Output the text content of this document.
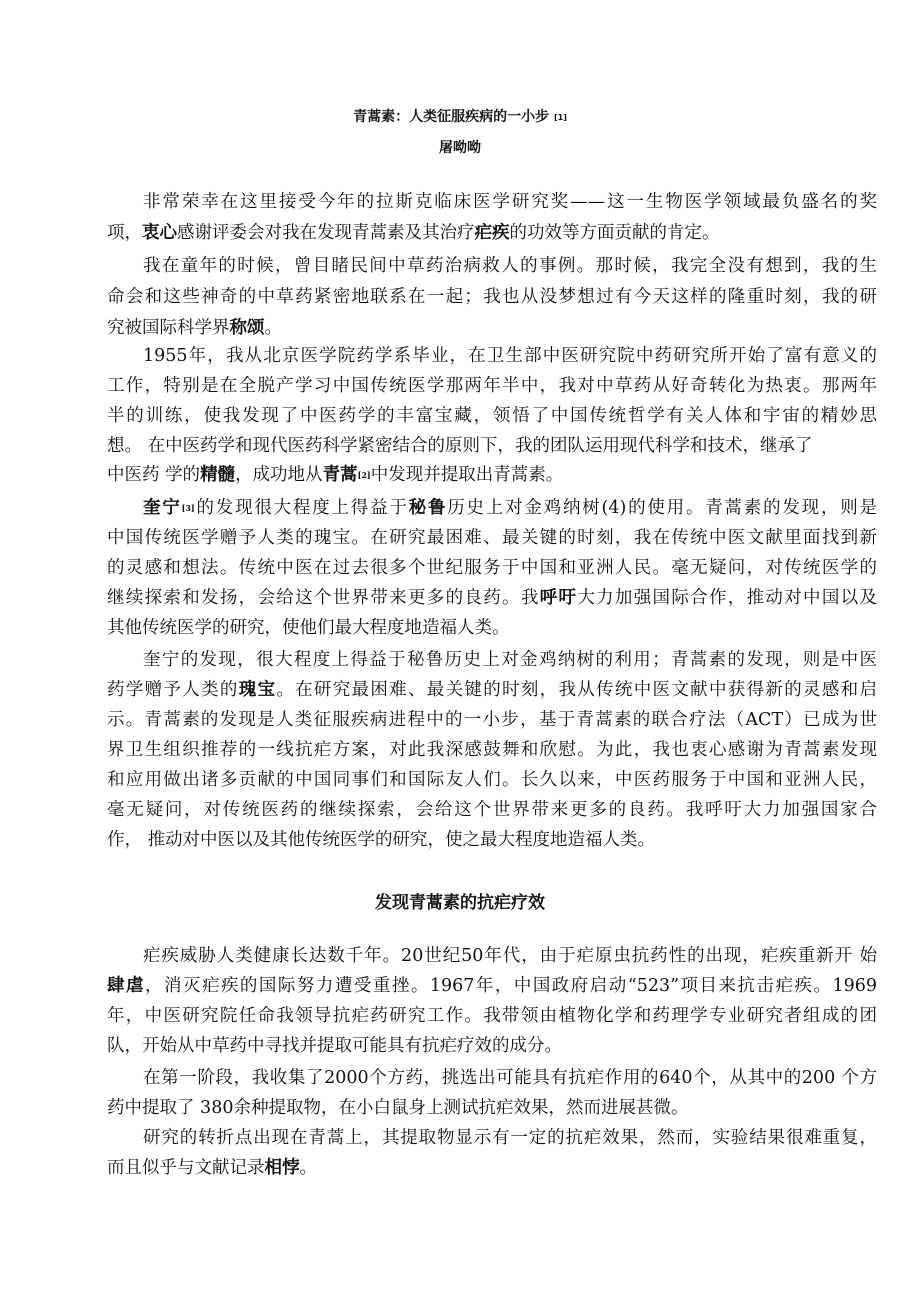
青蒿素：人类征服疾病的一小步 [1]
屠呦呦
非常荣幸在这里接受今年的拉斯克临床医学研究奖——这一生物医学领域最负盛名的奖
项，衷心感谢评委会对我在发现青蒿素及其治疗疟疾的功效等方面贡献的肯定。
我在童年的时候，曾目睹民间中草药治病救人的事例。那时候，我完全没有想到，我的生
命会和这些神奇的中草药紧密地联系在一起；我也从没梦想过有今天这样的隆重时刻，我的研
究被国际科学界称颂。
1955年，我从北京医学院药学系毕业，在卫生部中医研究院中药研究所开始了富有意义的
工作，特别是在全脱产学习中国传统医学那两年半中，我对中草药从好奇转化为热衷。那两年
半的训练，使我发现了中医药学的丰富宝藏，领悟了中国传统哲学有关人体和宇宙的精妙思
想。 在中医药学和现代医药科学紧密结合的原则下，我的团队运用现代科学和技术，继承了
中医药 学的精髓，成功地从青蒿[2]中发现并提取出青蒿素。
奎宁[3]的发现很大程度上得益于秘鲁历史上对金鸡纳树(4)的使用。青蒿素的发现，则是
中国传统医学赠予人类的瑰宝。在研究最困难、最关键的时刻，我在传统中医文献里面找到新
的灵感和想法。传统中医在过去很多个世纪服务于中国和亚洲人民。毫无疑问，对传统医学的
继续探索和发扬，会给这个世界带来更多的良药。我呼吁大力加强国际合作，推动对中国以及
其他传统医学的研究，使他们最大程度地造福人类。
奎宁的发现，很大程度上得益于秘鲁历史上对金鸡纳树的利用；青蒿素的发现，则是中医
药学赠予人类的瑰宝。在研究最困难、最关键的时刻，我从传统中医文献中获得新的灵感和启
示。青蒿素的发现是人类征服疾病进程中的一小步，基于青蒿素的联合疗法（ACT）已成为世
界卫生组织推荐的一线抗疟方案，对此我深感鼓舞和欣慰。为此，我也衷心感谢为青蒿素发现
和应用做出诸多贡献的中国同事们和国际友人们。长久以来，中医药服务于中国和亚洲人民，
毫无疑问，对传统医药的继续探索，会给这个世界带来更多的良药。我呼吁大力加强国家合
作， 推动对中医以及其他传统医学的研究，使之最大程度地造福人类。
发现青蒿素的抗疟疗效
疟疾威胁人类健康长达数千年。20世纪50年代，由于疟原虫抗药性的出现，疟疾重新开 始
肆虐，消灭疟疾的国际努力遭受重挫。1967年，中国政府启动“523”项目来抗击疟疾。1969
年，中医研究院任命我领导抗疟药研究工作。我带领由植物化学和药理学专业研究者组成的团
队，开始从中草药中寻找并提取可能具有抗疟疗效的成分。
在第一阶段，我收集了2000个方药，挑选出可能具有抗疟作用的640个，从其中的200 个方
药中提取了 380余种提取物，在小白鼠身上测试抗疟效果，然而进展甚微。
研究的转折点出现在青蒿上，其提取物显示有一定的抗疟效果，然而，实验结果很难重复，
而且似乎与文献记录相悖。
